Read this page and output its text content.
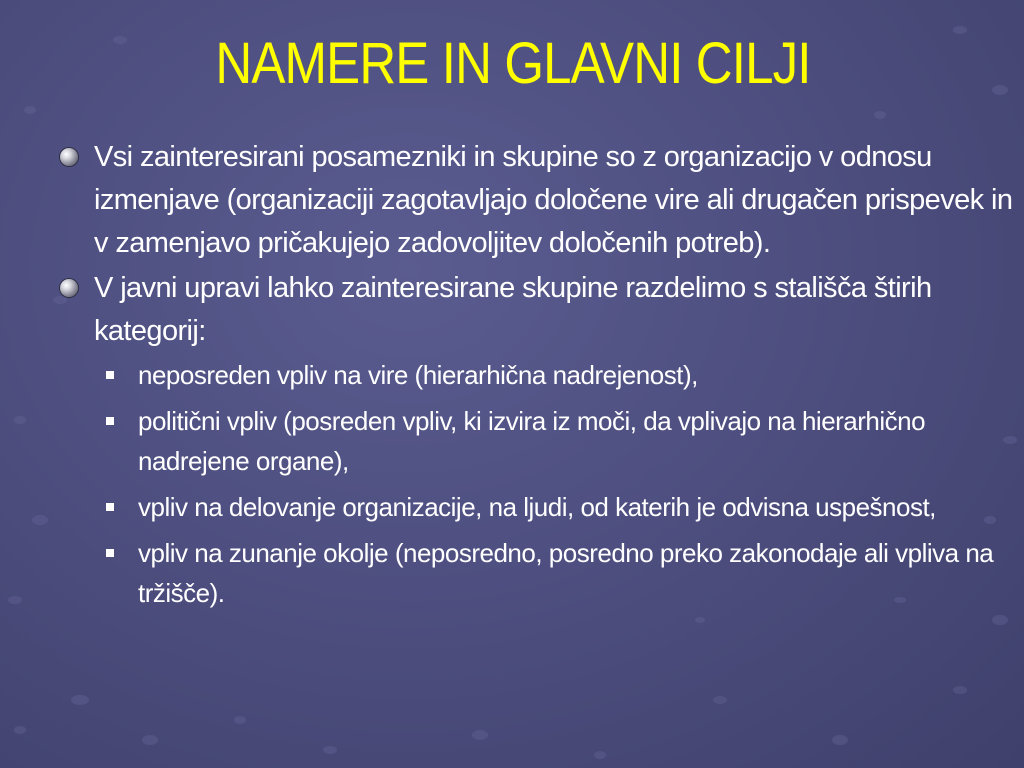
NAMERE IN GLAVNI CILJI
Vsi zainteresirani posamezniki in skupine so z organizacijo v odnosu izmenjave (organizaciji zagotavljajo določene vire ali drugačen prispevek in v zamenjavo pričakujejo zadovoljitev določenih potreb).
V javni upravi lahko zainteresirane skupine razdelimo s stališča štirih kategorij:
neposreden vpliv na vire (hierarhična nadrejenost),
politični vpliv (posreden vpliv, ki izvira iz moči, da vplivajo na hierarhično nadrejene organe),
vpliv na delovanje organizacije, na ljudi, od katerih je odvisna uspešnost,
vpliv na zunanje okolje (neposredno, posredno preko zakonodaje ali vpliva na tržišče).
